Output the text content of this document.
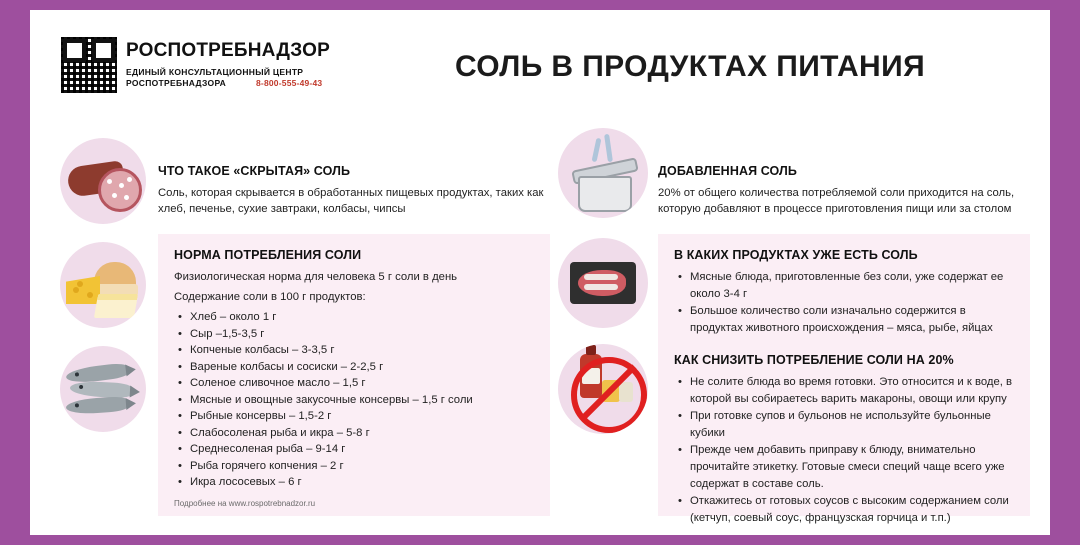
РОСПОТРЕБНАДЗОР
ЕДИНЫЙ КОНСУЛЬТАЦИОННЫЙ ЦЕНТР
РОСПОТРЕБНАДЗОРА	8-800-555-49-43	СОЛЬ В ПРОДУКТАХ ПИТАНИЯ
ЧТО ТАКОЕ «СКРЫТАЯ» СОЛЬ
Соль, которая скрывается в обработанных пищевых продуктах, таких как хлеб, печенье, сухие завтраки, колбасы, чипсы
НОРМА ПОТРЕБЛЕНИЯ СОЛИ
Физиологическая норма для человека 5 г соли в день
Содержание соли в 100 г продуктов:
• Хлеб – около 1 г
• Сыр –1,5-3,5 г
• Копченые колбасы – 3-3,5 г
• Вареные колбасы и сосиски – 2-2,5 г
• Соленое сливочное масло – 1,5 г
• Мясные и овощные закусочные консервы – 1,5 г соли
• Рыбные консервы – 1,5-2 г
• Слабосоленая рыба и икра – 5-8 г
• Среднесоленая рыба – 9-14 г
• Рыба горячего копчения – 2 г
• Икра лососевых – 6 г
Подробнее на www.rospotrebnadzor.ru
ДОБАВЛЕННАЯ СОЛЬ
20% от общего количества потребляемой соли приходится на соль, которую добавляют в процессе приготовления пищи или за столом
В КАКИХ ПРОДУКТАХ УЖЕ ЕСТЬ СОЛЬ
• Мясные блюда, приготовленные без соли, уже содержат ее около 3-4 г
• Большое количество соли изначально содержится в продуктах животного происхождения – мяса, рыбе, яйцах
КАК СНИЗИТЬ ПОТРЕБЛЕНИЕ СОЛИ НА 20%
• Не солите блюда во время готовки. Это относится и к воде, в которой вы собираетесь варить макароны, овощи или крупу
• При готовке супов и бульонов не используйте бульонные кубики
• Прежде чем добавить приправу к блюду, внимательно прочитайте этикетку. Готовые смеси специй чаще всего уже содержат в составе соль.
• Откажитесь от готовых соусов с высоким содержанием соли (кетчуп, соевый соус, французская горчица и т.п.)
